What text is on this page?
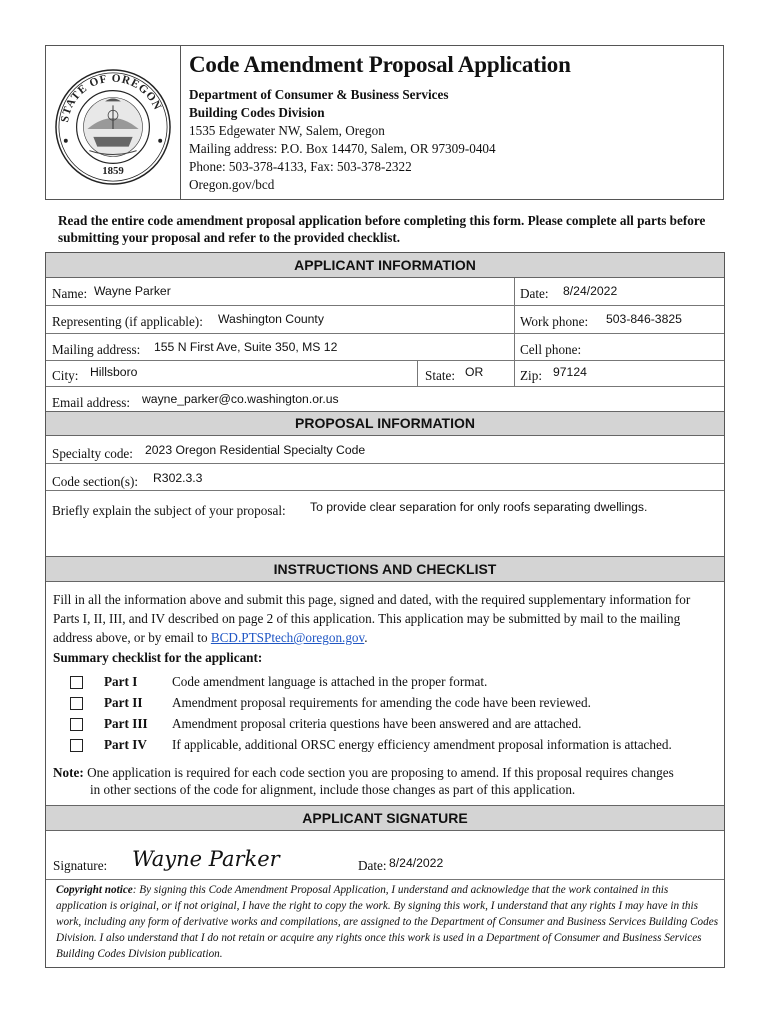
STATE OF OREGON
1859
Code Amendment Proposal Application
Department of Consumer & Business Services
Building Codes Division
1535 Edgewater NW, Salem, Oregon
Mailing address: P.O. Box 14470, Salem, OR 97309-0404
Phone: 503-378-4133, Fax: 503-378-2322
Oregon.gov/bcd
Read the entire code amendment proposal application before completing this form. Please complete all parts before submitting your proposal and refer to the provided checklist.
APPLICANT INFORMATION
Name: Wayne Parker	Date: 8/24/2022
Representing (if applicable): Washington County	Work phone: 503-846-3825
Mailing address: 155 N First Ave, Suite 350, MS 12	Cell phone:
City: Hillsboro	State: OR	Zip: 97124
Email address: wayne_parker@co.washington.or.us
PROPOSAL INFORMATION
Specialty code: 2023 Oregon Residential Specialty Code
Code section(s): R302.3.3
Briefly explain the subject of your proposal: To provide clear separation for only roofs separating dwellings.
INSTRUCTIONS AND CHECKLIST
Fill in all the information above and submit this page, signed and dated, with the required supplementary information for Parts I, II, III, and IV described on page 2 of this application. This application may be submitted by mail to the mailing address above, or by email to BCD.PTSPtech@oregon.gov.
Summary checklist for the applicant:
Part I	Code amendment language is attached in the proper format.
Part II Amendment proposal requirements for amending the code have been reviewed.
Part III Amendment proposal criteria questions have been answered and are attached.
Part IV If applicable, additional ORSC energy efficiency amendment proposal information is attached.
Note: One application is required for each code section you are proposing to amend. If this proposal requires changes
in other sections of the code for alignment, include those changes as part of this application.
APPLICANT SIGNATURE
Signature: Wayne Parker	Date: 8/24/2022
Copyright notice: By signing this Code Amendment Proposal Application, I understand and acknowledge that the work contained in this application is original, or if not original, I have the right to copy the work. By signing this work, I understand that any rights I may have in this work, including any form of derivative works and compilations, are assigned to the Department of Consumer and Business Services Building Codes Division. I also understand that I do not retain or acquire any rights once this work is used in a Department of Consumer and Business Services Building Codes Division publication.
